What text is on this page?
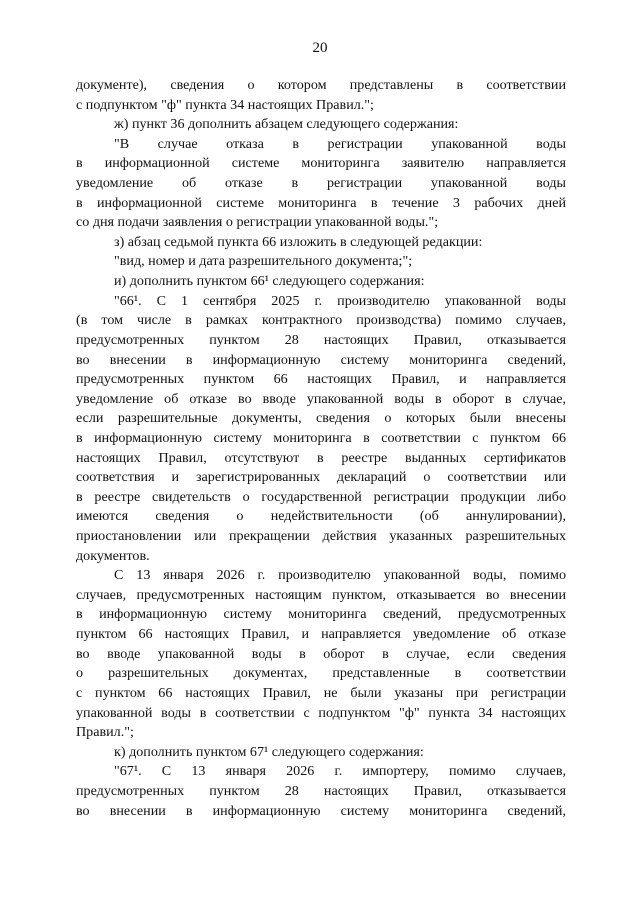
20
документе), сведения о котором представлены в соответствии
с подпунктом "ф" пункта 34 настоящих Правил.";
ж) пункт 36 дополнить абзацем следующего содержания:
"В случае отказа в регистрации упакованной воды
в информационной системе мониторинга заявителю направляется
уведомление об отказе в регистрации упакованной воды
в информационной системе мониторинга в течение 3 рабочих дней
со дня подачи заявления о регистрации упакованной воды.";
з) абзац седьмой пункта 66 изложить в следующей редакции:
"вид, номер и дата разрешительного документа;";
и) дополнить пунктом 66¹ следующего содержания:
"66¹. С 1 сентября 2025 г. производителю упакованной воды
(в том числе в рамках контрактного производства) помимо случаев,
предусмотренных пунктом 28 настоящих Правил, отказывается
во внесении в информационную систему мониторинга сведений,
предусмотренных пунктом 66 настоящих Правил, и направляется
уведомление об отказе во вводе упакованной воды в оборот в случае,
если разрешительные документы, сведения о которых были внесены
в информационную систему мониторинга в соответствии с пунктом 66
настоящих Правил, отсутствуют в реестре выданных сертификатов
соответствия и зарегистрированных деклараций о соответствии или
в реестре свидетельств о государственной регистрации продукции либо
имеются сведения о недействительности (об аннулировании),
приостановлении или прекращении действия указанных разрешительных
документов.
С 13 января 2026 г. производителю упакованной воды, помимо
случаев, предусмотренных настоящим пунктом, отказывается во внесении
в информационную систему мониторинга сведений, предусмотренных
пунктом 66 настоящих Правил, и направляется уведомление об отказе
во вводе упакованной воды в оборот в случае, если сведения
о разрешительных документах, представленные в соответствии
с пунктом 66 настоящих Правил, не были указаны при регистрации
упакованной воды в соответствии с подпунктом "ф" пункта 34 настоящих
Правил.";
к) дополнить пунктом 67¹ следующего содержания:
"67¹. С 13 января 2026 г. импортеру, помимо случаев,
предусмотренных пунктом 28 настоящих Правил, отказывается
во внесении в информационную систему мониторинга сведений,
